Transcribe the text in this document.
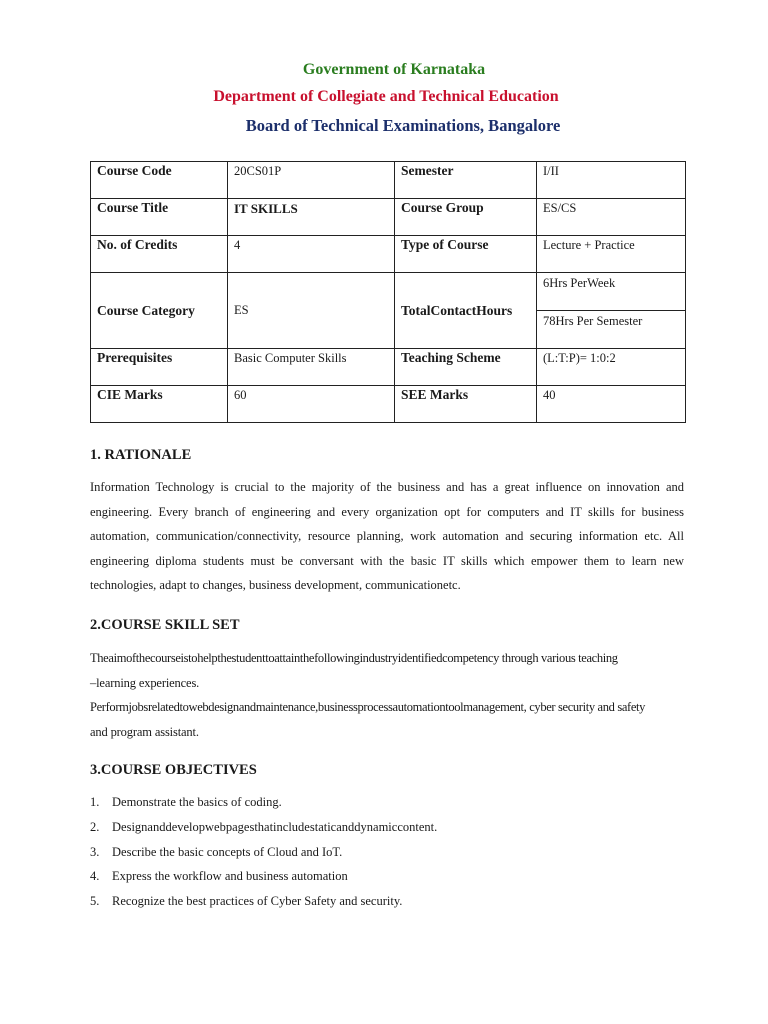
Government of Karnataka
Department of Collegiate and Technical Education
Board of Technical Examinations, Bangalore
Course Code	20CS01P	Semester	I/II
Course Title	IT SKILLS	Course Group	ES/CS
No. of Credits	4	Type of Course	Lecture + Practice
Course Category	ES	TotalContactHours	6Hrs PerWeek
			78Hrs Per Semester
Prerequisites	Basic Computer Skills	Teaching Scheme	(L:T:P)= 1:0:2
CIE Marks	60	SEE Marks	40
1. RATIONALE

Information Technology is crucial to the majority of the business and has a great influence on innovation and engineering. Every branch of engineering and every organization opt for computers and IT skills for business automation, communication/connectivity, resource planning, work automation and securing information etc. All engineering diploma students must be conversant with the basic IT skills which empower them to learn new technologies, adapt to changes, business development, communicationetc.

2.COURSE SKILL SET
Theaimofthecourseistohelpthestudenttoattainthefollowingindustryidentifiedcompetency through various teaching
–learning experiences.
Performjobsrelatedtowebdesignandmaintenance,businessprocessautomationtoolmanagement, cyber security and safety
and program assistant.
3.COURSE OBJECTIVES
1. Demonstrate the basics of coding.
2. Designanddevelopwebpagesthatincludestaticanddynamiccontent.
3. Describe the basic concepts of Cloud and IoT.
4. Express the workflow and business automation
5. Recognize the best practices of Cyber Safety and security.
